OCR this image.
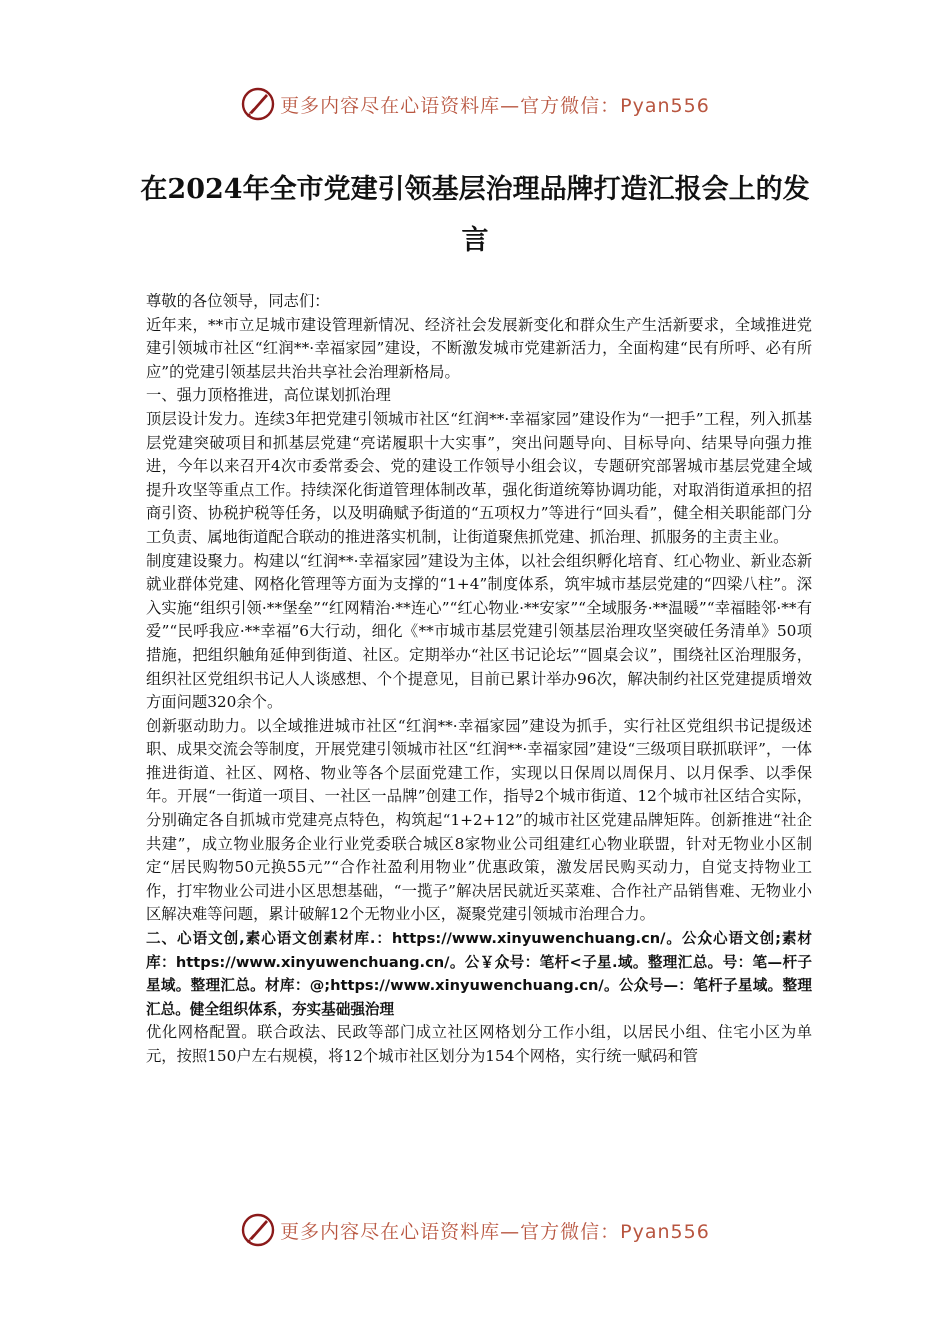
更多内容尽在心语资料库—官方微信：Pyan556
在2024年全市党建引领基层治理品牌打造汇报会上的发言

尊敬的各位领导，同志们：

近年来，**市立足城市建设管理新情况、经济社会发展新变化和群众生产生活新要求，全域推进党建引领城市社区“红润**·幸福家园”建设，不断激发城市党建新活力，全面构建“民有所呼、必有所应”的党建引领基层共治共享社会治理新格局。

一、强力顶格推进，高位谋划抓治理

顶层设计发力。连续3年把党建引领城市社区“红润**·幸福家园”建设作为“一把手”工程，列入抓基层党建突破项目和抓基层党建“亮诺履职十大实事”，突出问题导向、目标导向、结果导向强力推进，今年以来召开4次市委常委会、党的建设工作领导小组会议，专题研究部署城市基层党建全域提升攻坚等重点工作。持续深化街道管理体制改革，强化街道统筹协调功能，对取消街道承担的招商引资、协税护税等任务，以及明确赋予街道的“五项权力”等进行“回头看”，健全相关职能部门分工负责、属地街道配合联动的推进落实机制，让街道聚焦抓党建、抓治理、抓服务的主责主业。

制度建设聚力。构建以“红润**·幸福家园”建设为主体，以社会组织孵化培育、红心物业、新业态新就业群体党建、网格化管理等方面为支撑的“1+4”制度体系，筑牢城市基层党建的“四梁八柱”。深入实施“组织引领·**堡垒”“红网精治·**连心”“红心物业·**安家”“全域服务·**温暖”“幸福睦邻·**有爱”“民呼我应·**幸福”6大行动，细化《**市城市基层党建引领基层治理攻坚突破任务清单》50项措施，把组织触角延伸到街道、社区。定期举办“社区书记论坛”“圆桌会议”，围绕社区治理服务，组织社区党组织书记人人谈感想、个个提意见，目前已累计举办96次，解决制约社区党建提质增效方面问题320余个。

创新驱动助力。以全域推进城市社区“红润**·幸福家园”建设为抓手，实行社区党组织书记提级述职、成果交流会等制度，开展党建引领城市社区“红润**·幸福家园”建设“三级项目联抓联评”，一体推进街道、社区、网格、物业等各个层面党建工作，实现以日保周以周保月、以月保季、以季保年。开展“一街道一项目、一社区一品牌”创建工作，指导2个城市街道、12个城市社区结合实际，分别确定各自抓城市党建亮点特色，构筑起“1+2+12”的城市社区党建品牌矩阵。创新推进“社企共建”，成立物业服务企业行业党委联合城区8家物业公司组建红心物业联盟，针对无物业小区制定“居民购物50元换55元”“合作社盈利用物业”优惠政策，激发居民购买动力，自觉支持物业工作，打牢物业公司进小区思想基础，“一揽子”解决居民就近买菜难、合作社产品销售难、无物业小区解决难等问题，累计破解12个无物业小区，凝聚党建引领城市治理合力。

二、心语文创,素心语文创素材库.：https://www.xinyuwenchuang.cn/。公众心语文创;素材库：https://www.xinyuwenchuang.cn/。公￥众号：笔杆<子星.域。整理汇总。号：笔—杆子星域。整理汇总。材库：@;https://www.xinyuwenchuang.cn/。公众号—：笔杆子星域。整理汇总。健全组织体系，夯实基础强治理

优化网格配置。联合政法、民政等部门成立社区网格划分工作小组，以居民小组、住宅小区为单元，按照150户左右规模，将12个城市社区划分为154个网格，实行统一赋码和管

更多内容尽在心语资料库—官方微信：Pyan556
